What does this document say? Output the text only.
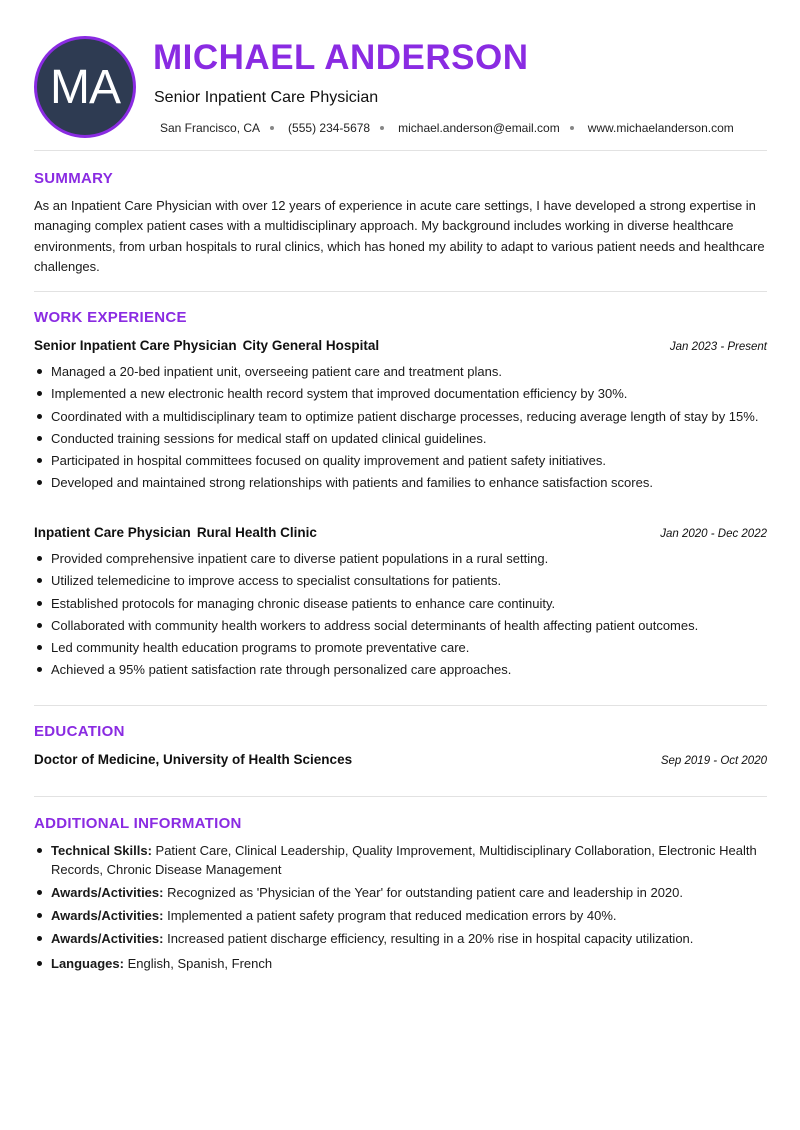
MA
MICHAEL ANDERSON
Senior Inpatient Care Physician
San Francisco, CA (555) 234-5678 michael.anderson@email.com www.michaelanderson.com
SUMMARY
As an Inpatient Care Physician with over 12 years of experience in acute care settings, I have developed a strong expertise in managing complex patient cases with a multidisciplinary approach. My background includes working in diverse healthcare environments, from urban hospitals to rural clinics, which has honed my ability to adapt to various patient needs and healthcare challenges.
WORK EXPERIENCE
Senior Inpatient Care Physician City General Hospital	Jan 2023 - Present
Managed a 20-bed inpatient unit, overseeing patient care and treatment plans.
Implemented a new electronic health record system that improved documentation efficiency by 30%.
Coordinated with a multidisciplinary team to optimize patient discharge processes, reducing average length of stay by 15%.
Conducted training sessions for medical staff on updated clinical guidelines.
Participated in hospital committees focused on quality improvement and patient safety initiatives.
Developed and maintained strong relationships with patients and families to enhance satisfaction scores.
Inpatient Care Physician Rural Health Clinic	Jan 2020 - Dec 2022
Provided comprehensive inpatient care to diverse patient populations in a rural setting.
Utilized telemedicine to improve access to specialist consultations for patients.
Established protocols for managing chronic disease patients to enhance care continuity.
Collaborated with community health workers to address social determinants of health affecting patient outcomes.
Led community health education programs to promote preventative care.
Achieved a 95% patient satisfaction rate through personalized care approaches.
EDUCATION
Doctor of Medicine, University of Health Sciences	Sep 2019 - Oct 2020
ADDITIONAL INFORMATION
Technical Skills: Patient Care, Clinical Leadership, Quality Improvement, Multidisciplinary Collaboration, Electronic Health Records, Chronic Disease Management
Awards/Activities: Recognized as 'Physician of the Year' for outstanding patient care and leadership in 2020.
Awards/Activities: Implemented a patient safety program that reduced medication errors by 40%.
Awards/Activities: Increased patient discharge efficiency, resulting in a 20% rise in hospital capacity utilization.
Languages: English, Spanish, French
